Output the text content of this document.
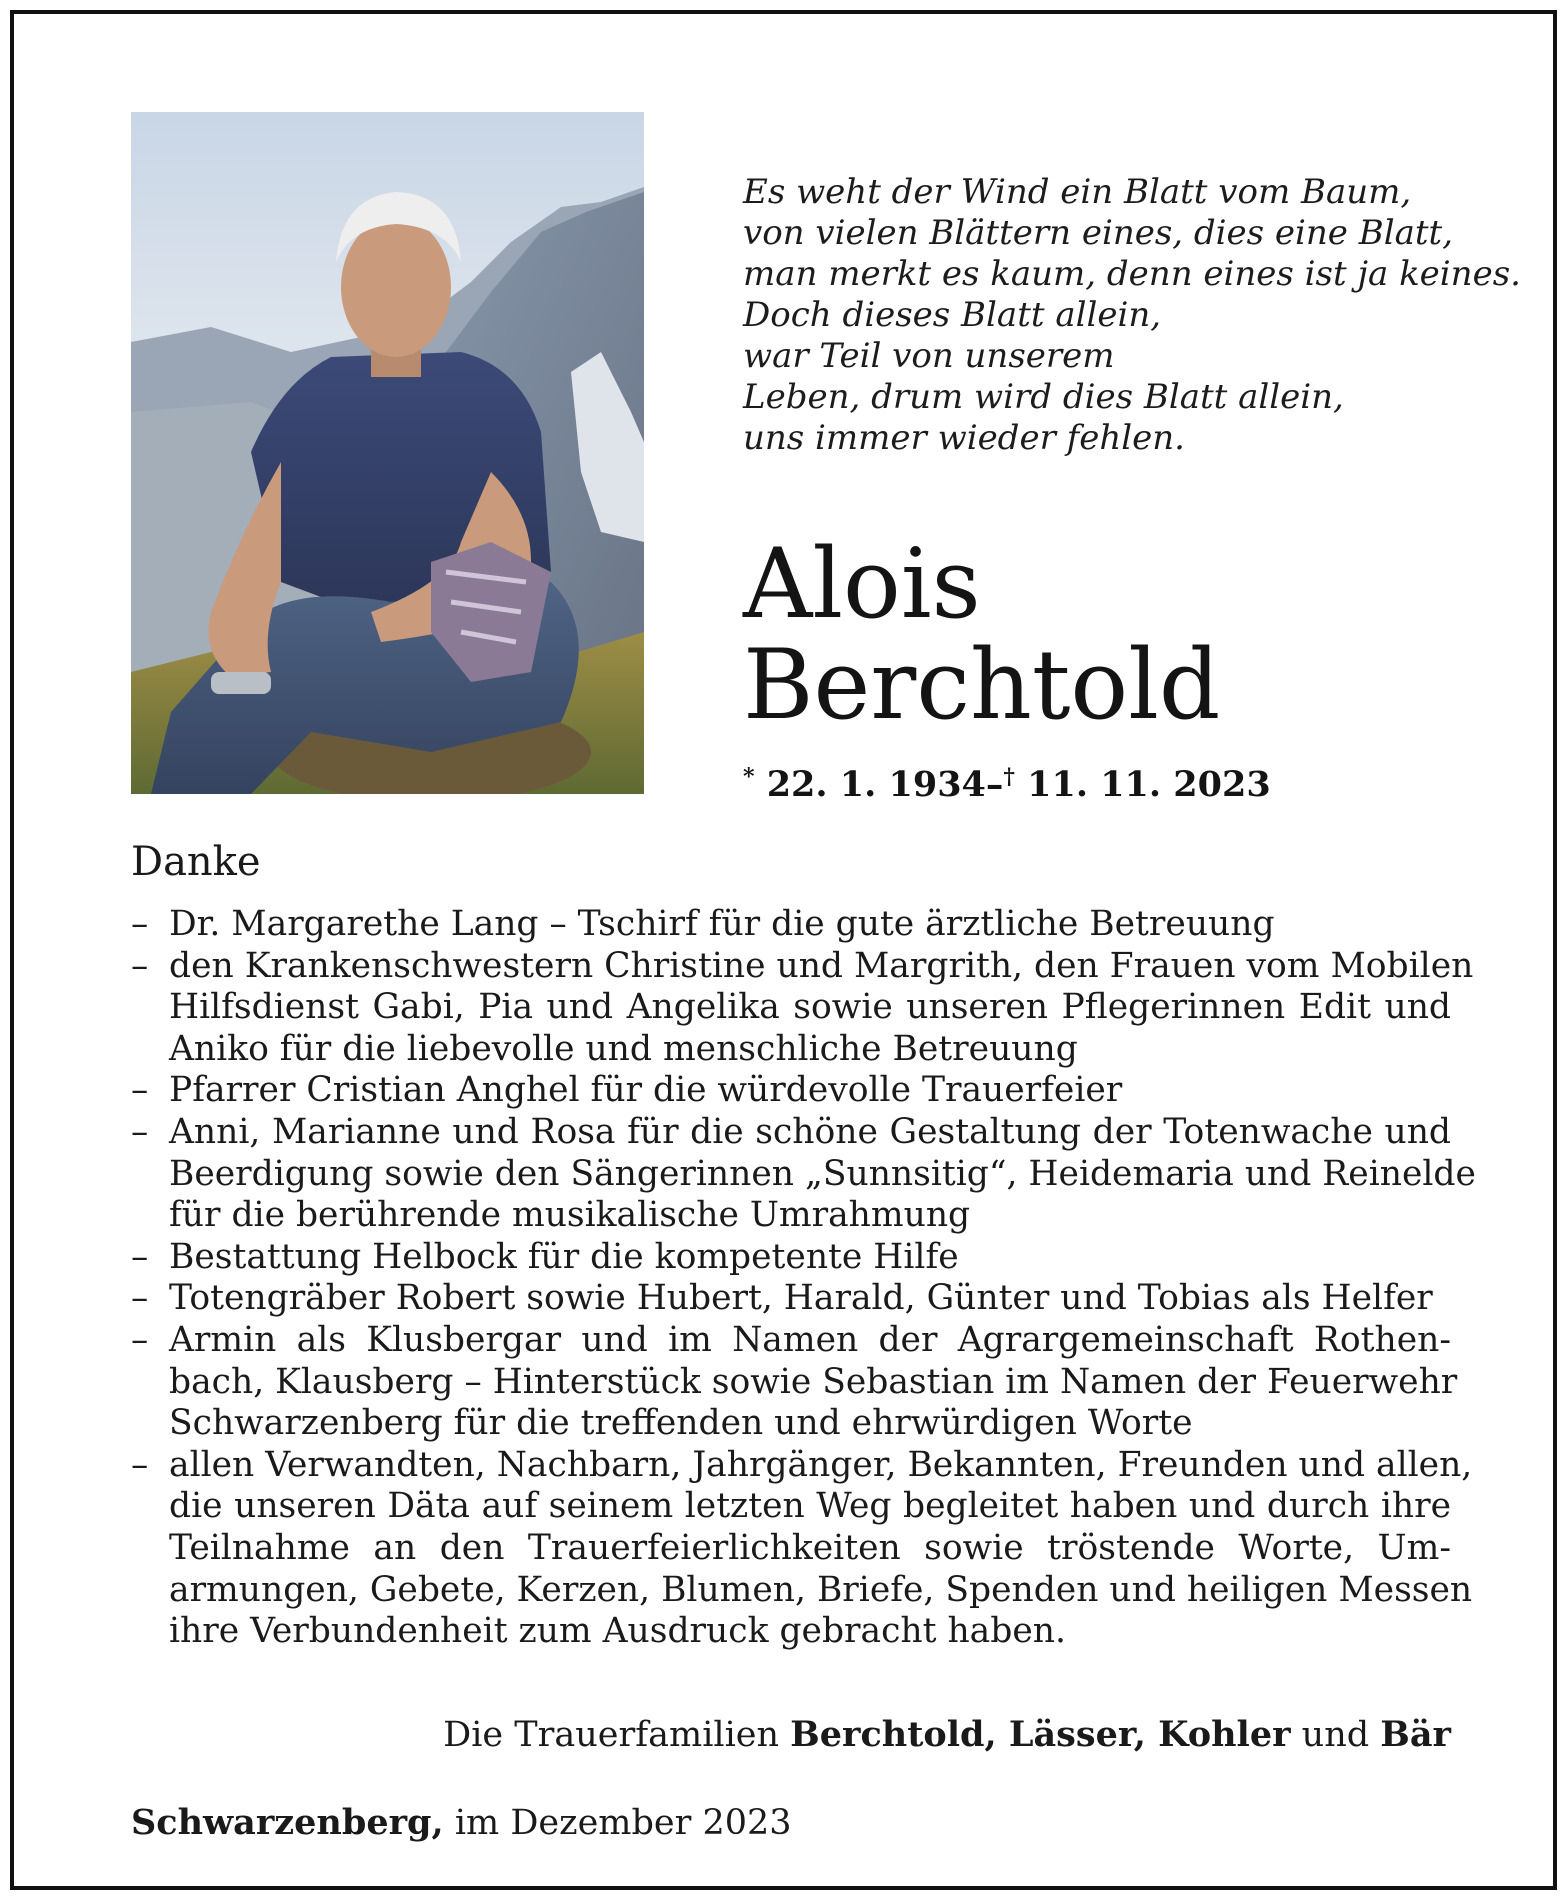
Es weht der Wind ein Blatt vom Baum,
von vielen Blättern eines, dies eine Blatt,
man merkt es kaum, denn eines ist ja keines.
Doch dieses Blatt allein,
war Teil von unserem
Leben, drum wird dies Blatt allein,
uns immer wieder fehlen.
Alois
Berchtold
* 22. 1. 1934–† 11. 11. 2023
Danke
– Dr. Margarethe Lang – Tschirf für die gute ärztliche Betreuung
– den Krankenschwestern Christine und Margrith, den Frauen vom Mobilen
Hilfsdienst Gabi, Pia und Angelika sowie unseren Pflegerinnen Edit und
Aniko für die liebevolle und menschliche Betreuung
– Pfarrer Cristian Anghel für die würdevolle Trauerfeier
– Anni, Marianne und Rosa für die schöne Gestaltung der Totenwache und
Beerdigung sowie den Sängerinnen „Sunnsitig“, Heidemaria und Reinelde
für die berührende musikalische Umrahmung
– Bestattung Helbock für die kompetente Hilfe
– Totengräber Robert sowie Hubert, Harald, Günter und Tobias als Helfer
– Armin als Klusbergar und im Namen der Agrargemeinschaft Rothen-
bach, Klausberg – Hinterstück sowie Sebastian im Namen der Feuerwehr
Schwarzenberg für die treffenden und ehrwürdigen Worte
– allen Verwandten, Nachbarn, Jahrgänger, Bekannten, Freunden und allen,
die unseren Däta auf seinem letzten Weg begleitet haben und durch ihre
Teilnahme an den Trauerfeierlichkeiten sowie tröstende Worte, Um-
armungen, Gebete, Kerzen, Blumen, Briefe, Spenden und heiligen Messen
ihre Verbundenheit zum Ausdruck gebracht haben.
Die Trauerfamilien Berchtold, Lässer, Kohler und Bär
Schwarzenberg, im Dezember 2023
